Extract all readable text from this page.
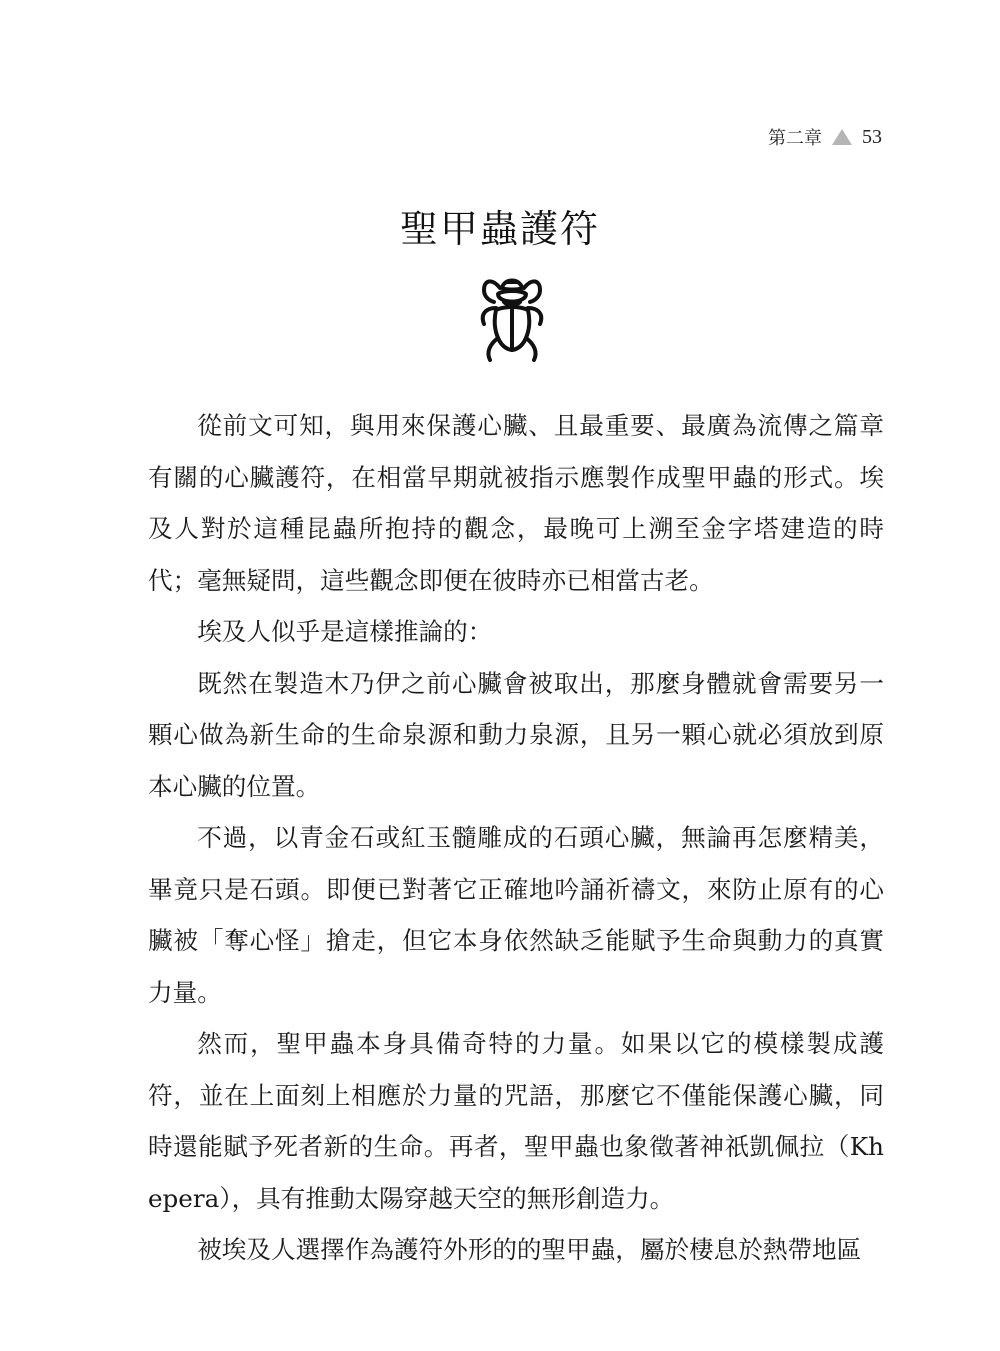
第二章 53
聖甲蟲護符

從前文可知，與用來保護心臟、且最重要、最廣為流傳之篇章有關的心臟護符，在相當早期就被指示應製作成聖甲蟲的形式。埃及人對於這種昆蟲所抱持的觀念，最晚可上溯至金字塔建造的時代；毫無疑問，這些觀念即便在彼時亦已相當古老。

埃及人似乎是這樣推論的：

既然在製造木乃伊之前心臟會被取出，那麼身體就會需要另一顆心做為新生命的生命泉源和動力泉源，且另一顆心就必須放到原本心臟的位置。

不過，以青金石或紅玉髓雕成的石頭心臟，無論再怎麼精美，畢竟只是石頭。即便已對著它正確地吟誦祈禱文，來防止原有的心臟被「奪心怪」搶走，但它本身依然缺乏能賦予生命與動力的真實力量。

然而，聖甲蟲本身具備奇特的力量。如果以它的模樣製成護符，並在上面刻上相應於力量的咒語，那麼它不僅能保護心臟，同時還能賦予死者新的生命。再者，聖甲蟲也象徵著神祇凱佩拉（Khepera），具有推動太陽穿越天空的無形創造力。

被埃及人選擇作為護符外形的的聖甲蟲，屬於棲息於熱帶地區
